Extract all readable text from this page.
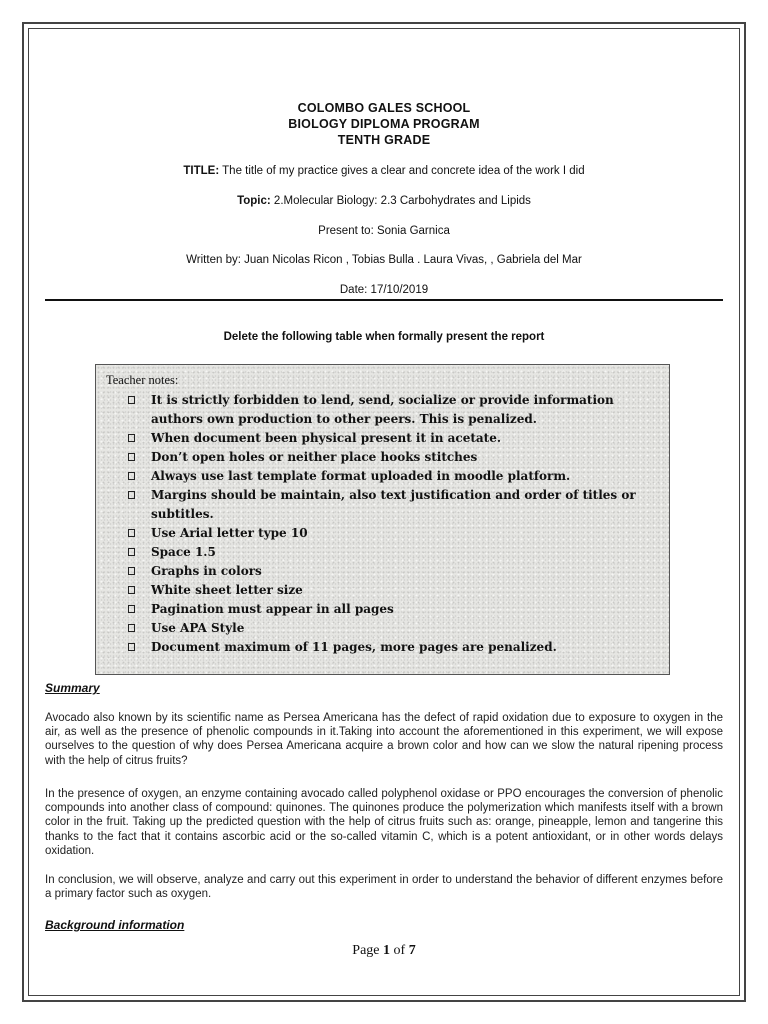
COLOMBO GALES SCHOOL
BIOLOGY DIPLOMA PROGRAM
TENTH GRADE
TITLE: The title of my practice gives a clear and concrete idea of the work I did
Topic: 2.Molecular Biology: 2.3 Carbohydrates and Lipids
Present to: Sonia Garnica
Written by: Juan Nicolas Ricon , Tobias Bulla . Laura Vivas, , Gabriela del Mar
Date: 17/10/2019
Delete the following table when formally present the report
Teacher notes:
It is strictly forbidden to lend, send, socialize or provide information authors own production to other peers. This is penalized.
When document been physical present it in acetate.
Don’t open holes or neither place hooks stitches
Always use last template format uploaded in moodle platform.
Margins should be maintain, also text justification and order of titles or subtitles.
Use Arial letter type 10
Space 1.5
Graphs in colors
White sheet letter size
Pagination must appear in all pages
Use APA Style
Document maximum of 11 pages, more pages are penalized.
Summary
Avocado also known by its scientific name as Persea Americana has the defect of rapid oxidation due to exposure to oxygen in the air, as well as the presence of phenolic compounds in it.Taking into account the aforementioned in this experiment, we will expose ourselves to the question of why does Persea Americana acquire a brown color and how can we slow the natural ripening process with the help of citrus fruits?
In the presence of oxygen, an enzyme containing avocado called polyphenol oxidase or PPO encourages the conversion of phenolic compounds into another class of compound: quinones. The quinones produce the polymerization which manifests itself with a brown color in the fruit. Taking up the predicted question with the help of citrus fruits such as: orange, pineapple, lemon and tangerine this thanks to the fact that it contains ascorbic acid or the so-called vitamin C, which is a potent antioxidant, or in other words delays oxidation.
In conclusion, we will observe, analyze and carry out this experiment in order to understand the behavior of different enzymes before a primary factor such as oxygen.
Background information
Page 1 of 7
